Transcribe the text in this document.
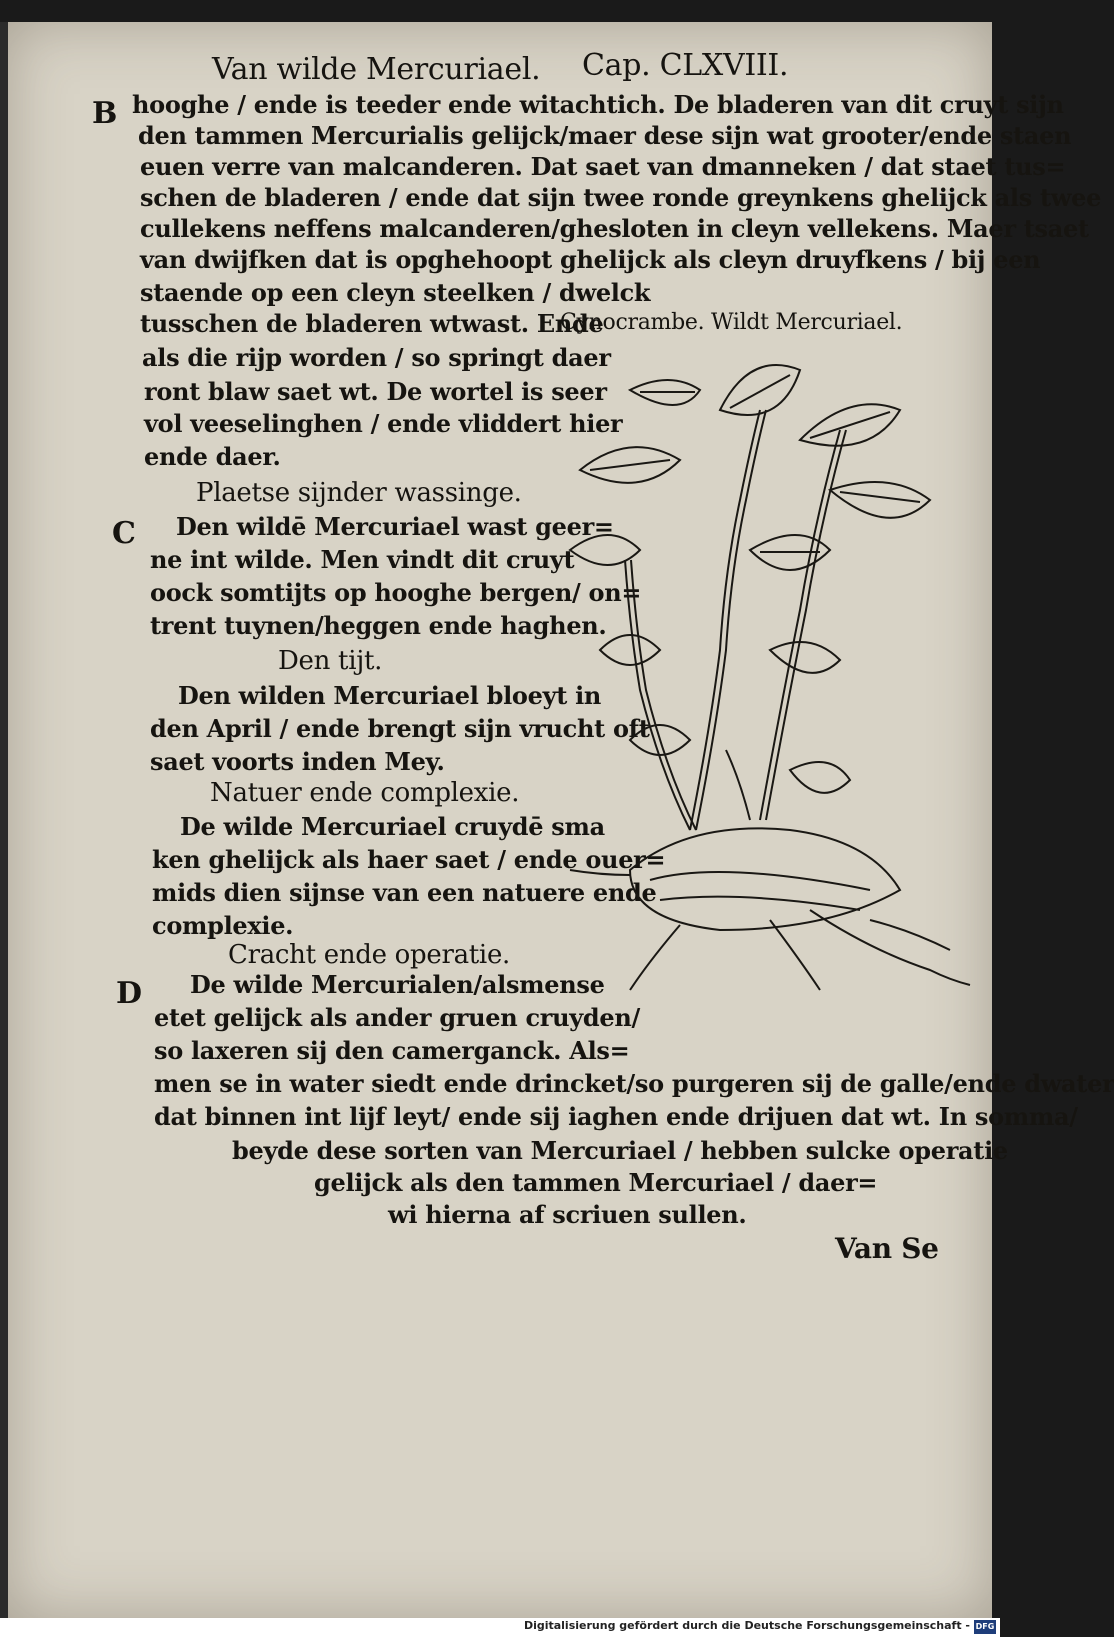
Van wilde Mercuriael. Cap. CLXVIII.
B hooghe / ende is teeder ende witachtich. De bladeren van dit cruyt sijn
den tammen Mercurialis gelijck/maer dese sijn wat grooter/ende staen
euen verre van malcanderen. Dat saet van dmanneken / dat staet tus=
schen de bladeren / ende dat sijn twee ronde greynkens ghelijck als twee
cullekens neffens malcanderen/ghesloten in cleyn vellekens. Maer tsaet
van dwijfken dat is opghehoopt ghelijck als cleyn druyfkens / bij een
staende op een cleyn steelken / dwelck
tusschen de bladeren wtwast. Ende
als die rijp worden / so springt daer
ront blaw saet wt. De wortel is seer
vol veeselinghen / ende vliddert hier
ende daer.
Cynocrambe. Wildt Mercuriael.
Plaetse sijnder wassinge.
C Den wildē Mercuriael wast geer=
ne int wilde. Men vindt dit cruyt
oock somtijts op hooghe bergen/ on=
trent tuynen/heggen ende haghen.
Den tijt.
Den wilden Mercuriael bloeyt in
den April / ende brengt sijn vrucht oft
saet voorts inden Mey.
Natuer ende complexie.
De wilde Mercuriael cruydē sma
ken ghelijck als haer saet / ende ouer=
mids dien sijnse van een natuere ende
complexie.
Cracht ende operatie.
D De wilde Mercurialen/alsmense
etet gelijck als ander gruen cruyden/
so laxeren sij den camerganck. Als=
men se in water siedt ende drincket/so purgeren sij de galle/ende dwater
dat binnen int lijf leyt/ ende sij iaghen ende drijuen dat wt. In somma/
beyde dese sorten van Mercuriael / hebben sulcke operatie
gelijck als den tammen Mercuriael / daer=
wi hierna af scriuen sullen.
Van Se
Digitalisierung gefördert durch die Deutsche Forschungsgemeinschaft - DFG
